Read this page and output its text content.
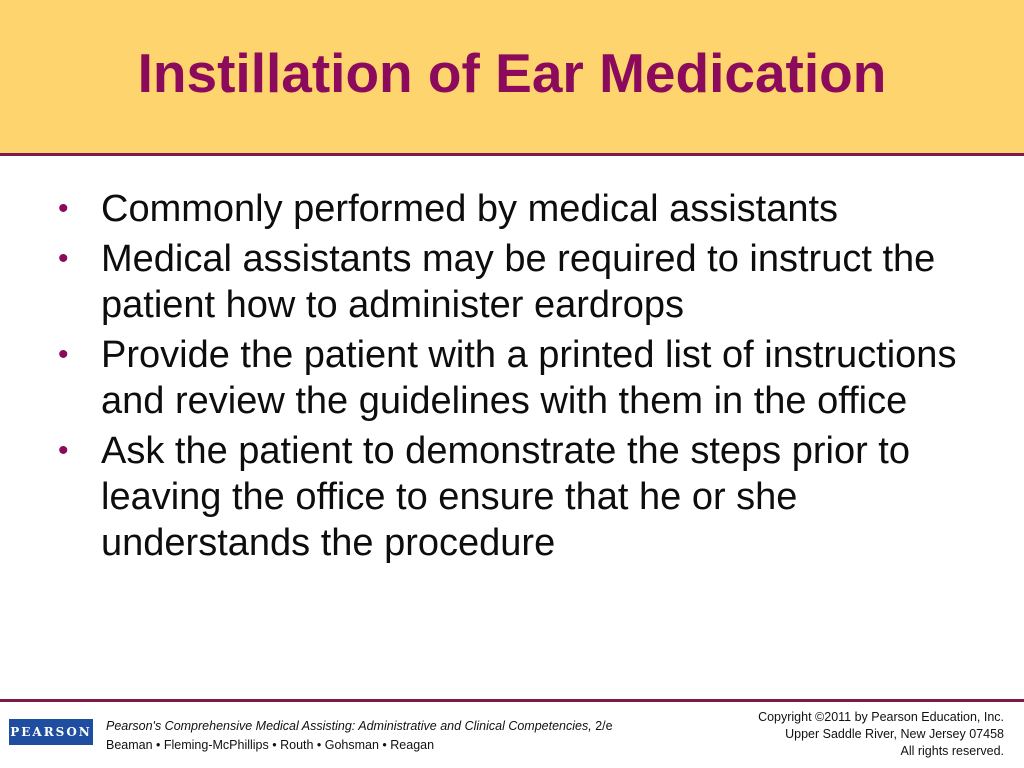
Instillation of Ear Medication
• Commonly performed by medical assistants
• Medical assistants may be required to instruct the patient how to administer eardrops
• Provide the patient with a printed list of instructions and review the guidelines with them in the office
• Ask the patient to demonstrate the steps prior to leaving the office to ensure that he or she understands the procedure
PEARSON Pearson's Comprehensive Medical Assisting: Administrative and Clinical Competencies, 2/e
Beaman • Fleming-McPhillips • Routh • Gohsman • Reagan
Copyright ©2011 by Pearson Education, Inc.
Upper Saddle River, New Jersey 07458
All rights reserved.
